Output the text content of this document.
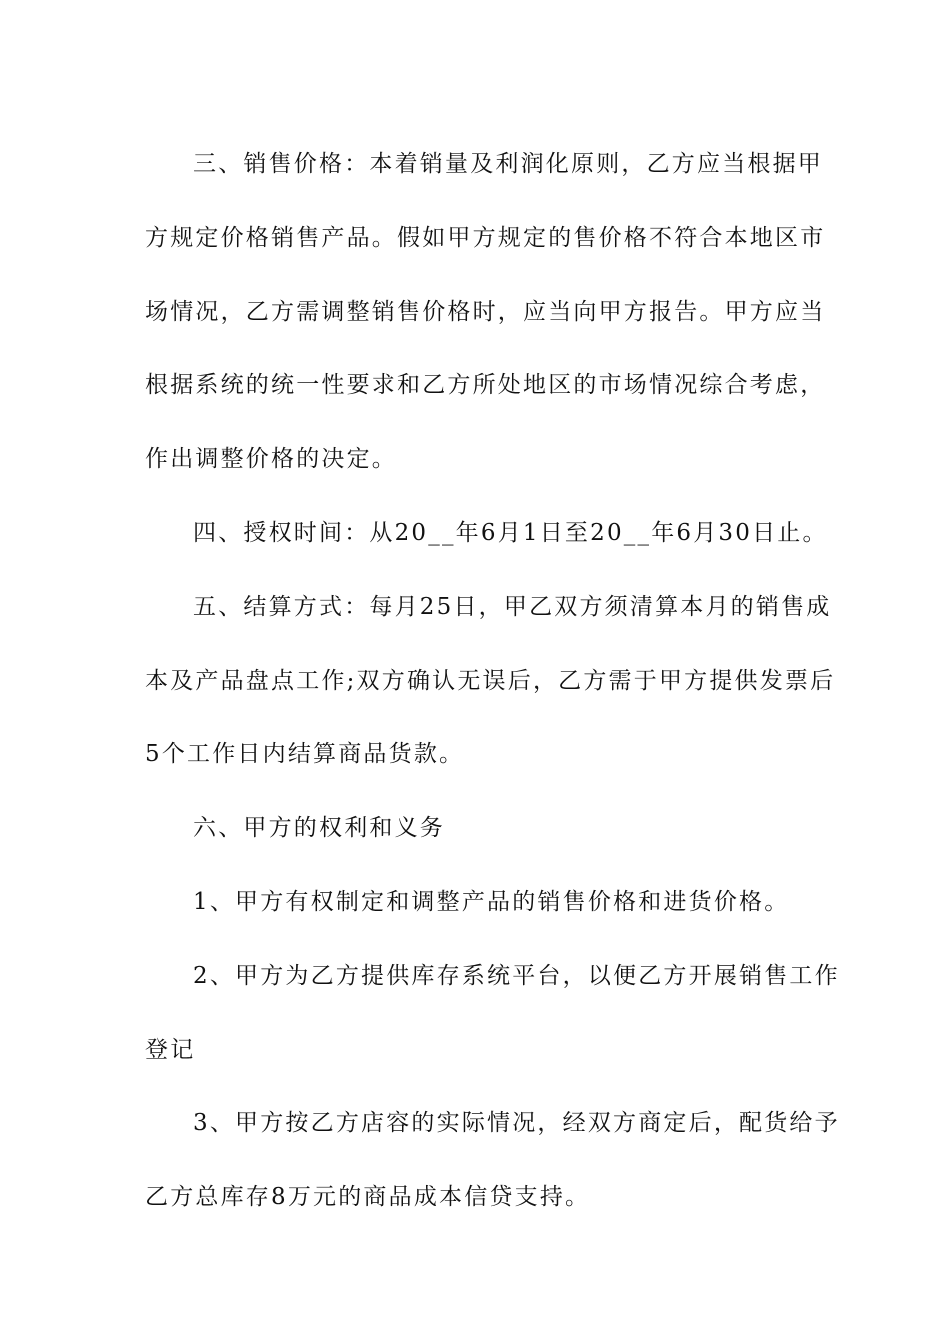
三、销售价格：本着销量及利润化原则，乙方应当根据甲
方规定价格销售产品。假如甲方规定的售价格不符合本地区市
场情况，乙方需调整销售价格时，应当向甲方报告。甲方应当
根据系统的统一性要求和乙方所处地区的市场情况综合考虑，
作出调整价格的决定。

四、授权时间：从20__年6月1日至20__年6月30日止。

五、结算方式：每月25日，甲乙双方须清算本月的销售成
本及产品盘点工作;双方确认无误后，乙方需于甲方提供发票后
5个工作日内结算商品货款。

六、甲方的权利和义务

1、甲方有权制定和调整产品的销售价格和进货价格。

2、甲方为乙方提供库存系统平台，以便乙方开展销售工作
登记

3、甲方按乙方店容的实际情况，经双方商定后，配货给予
乙方总库存8万元的商品成本信贷支持。
